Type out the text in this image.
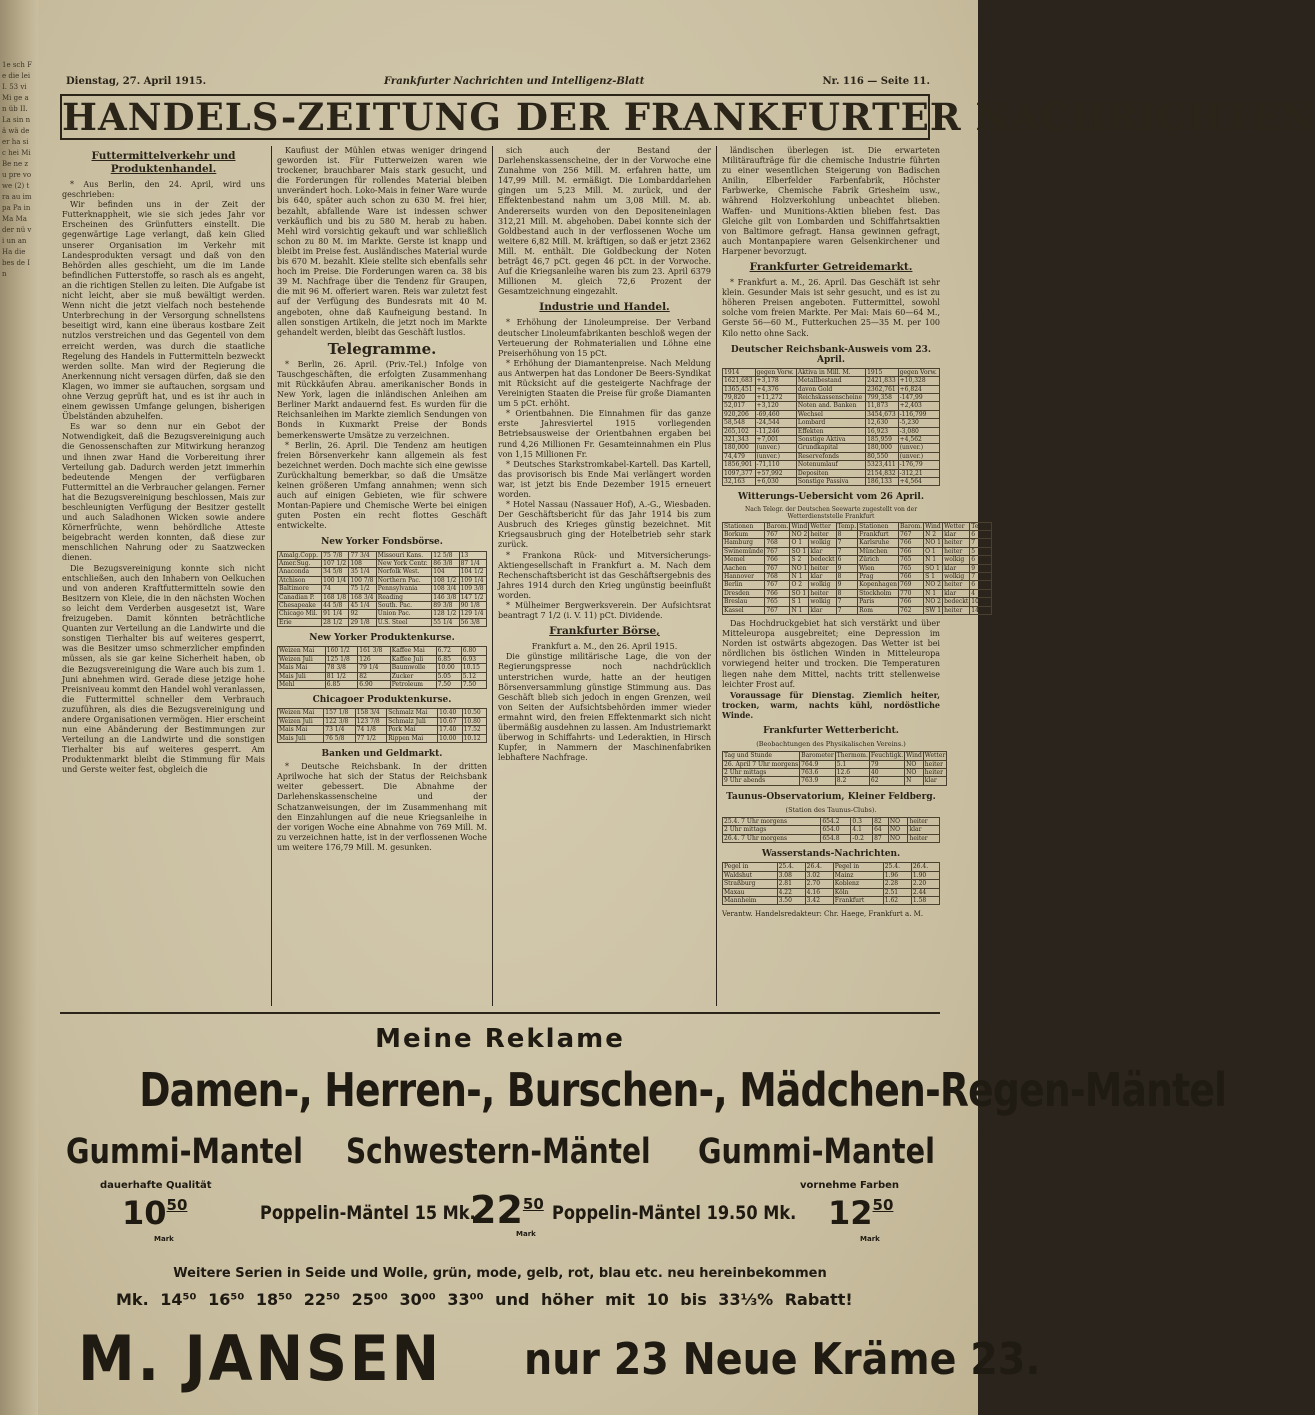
1e sch Fe die lei I. 53 vi Mi ge an üb II. La sin nä wä de er ha sic hei Mi Be ne zu pre vo we (2) tra au im pa Pa in Ma Ma der nü vi un an Ha die bes de In
Dienstag, 27. April 1915.	Frankfurter Nachrichten und Intelligenz-Blatt	Nr. 116 — Seite 11.
HANDELS-ZEITUNG DER FRANKFURTER NACHRICHTEN
Futtermittelverkehr und Produktenhandel.

* Aus Berlin, den 24. April, wird uns geschrieben:

Wir befinden uns in der Zeit der Futterknappheit, wie sie sich jedes Jahr vor Erscheinen des Grünfutters einstellt. Die gegenwärtige Lage verlangt, daß kein Glied unserer Organisation im Verkehr mit Landesprodukten versagt und daß von den Behörden alles geschieht, um die im Lande befindlichen Futterstoffe, so rasch als es angeht, an die richtigen Stellen zu leiten. Die Aufgabe ist nicht leicht, aber sie muß bewältigt werden. Wenn nicht die jetzt vielfach noch bestehende Unterbrechung in der Versorgung schnellstens beseitigt wird, kann eine überaus kostbare Zeit nutzlos verstreichen und das Gegenteil von dem erreicht werden, was durch die staatliche Regelung des Handels in Futtermitteln bezweckt werden sollte. Man wird der Regierung die Anerkennung nicht versagen dürfen, daß sie den Klagen, wo immer sie auftauchen, sorgsam und ohne Verzug geprüft hat, und es ist ihr auch in einem gewissen Umfange gelungen, bisherigen Übelständen abzuhelfen.

Es war so denn nur ein Gebot der Notwendigkeit, daß die Bezugsvereinigung auch die Genossenschaften zur Mitwirkung heranzog und ihnen zwar Hand die Vorbereitung ihrer Verteilung gab. Dadurch werden jetzt immerhin bedeutende Mengen der verfügbaren Futtermittel an die Verbraucher gelangen. Ferner hat die Bezugsvereinigung beschlossen, Mais zur beschleunigten Verfügung der Besitzer gestellt und auch Saladhonen Wicken sowie andere Körnerfrüchte, wenn behördliche Atteste beigebracht werden konnten, daß diese zur menschlichen Nahrung oder zu Saatzwecken dienen.

Die Bezugsvereinigung konnte sich nicht entschließen, auch den Inhabern von Oelkuchen und von anderen Kraftfuttermitteln sowie den Besitzern von Kleie, die in den nächsten Wochen so leicht dem Verderben ausgesetzt ist, Ware freizugeben. Damit könnten beträchtliche Quanten zur Verteilung an die Landwirte und die sonstigen Tierhalter bis auf weiteres gesperrt, was die Besitzer umso schmerzlicher empfinden müssen, als sie gar keine Sicherheit haben, ob die Bezugsvereinigung die Ware auch bis zum 1. Juni abnehmen wird. Gerade diese jetzige hohe Preisniveau kommt den Handel wohl veranlassen, die Futtermittel schneller dem Verbrauch zuzuführen, als dies die Bezugsvereinigung und andere Organisationen vermögen. Hier erscheint nun eine Abänderung der Bestimmungen zur Verteilung an die Landwirte und die sonstigen Tierhalter bis auf weiteres gesperrt. Am Produktenmarkt bleibt die Stimmung für Mais und Gerste weiter fest, obgleich die

Kaufiust der Mühlen etwas weniger dringend geworden ist. Für Futterweizen waren wie trockener, brauchbarer Mais stark gesucht, und die Forderungen für rollendes Material bleiben unverändert hoch. Loko-Mais in feiner Ware wurde bis 640, später auch schon zu 630 M. frei hier, bezahlt, abfallende Ware ist indessen schwer verkäuflich und bis zu 580 M. herab zu haben. Mehl wird vorsichtig gekauft und war schließlich schon zu 80 M. im Markte. Gerste ist knapp und bleibt im Preise fest. Ausländisches Material wurde bis 670 M. bezahlt. Kleie stellte sich ebenfalls sehr hoch im Preise. Die Forderungen waren ca. 38 bis 39 M. Nachfrage über die Tendenz für Graupen, die mit 96 M. offeriert waren. Reis war zuletzt fest auf der Verfügung des Bundesrats mit 40 M. angeboten, ohne daß Kaufneigung bestand. In allen sonstigen Artikeln, die jetzt noch im Markte gehandelt werden, bleibt das Geschäft lustlos.

Telegramme.

* Berlin, 26. April. (Priv.-Tel.) Infolge von Tauschgeschäften, die erfolgten Zusammenhang mit Rückkäufen Abrau. amerikanischer Bonds in New York, lagen die inländischen Anleihen am Berliner Markt andauernd fest. Es wurden für die Reichsanleihen im Markte ziemlich Sendungen von Bonds in Kuxmarkt Preise der Bonds bemerkenswerte Umsätze zu verzeichnen.

* Berlin, 26. April. Die Tendenz am heutigen freien Börsenverkehr kann allgemein als fest bezeichnet werden. Doch machte sich eine gewisse Zurückhaltung bemerkbar, so daß die Umsätze keinen größeren Umfang annahmen; wenn sich auch auf einigen Gebieten, wie für schwere Montan-Papiere und Chemische Werte bei einigen guten Posten ein recht flottes Geschäft entwickelte.

New Yorker Fondsbörse.
Amalg.Copp.	75 7/8	77 3/4	Missouri Kans.	12 5/8	13
Amer.Sug.	107 1/2	108	New York Centr.	86 3/8	87 1/4
Anaconda	34 5/8	35 1/4	Norfolk West.	104	104 1/2
Atchison	100 1/4	100 7/8	Northern Pac.	108 1/2	109 1/4
Baltimore	74	75 1/2	Pennsylvania	108 3/4	109 3/8
Canadian P.	168 1/8	168 3/4	Reading	146 3/8	147 1/2
Chesapeake	44 5/8	45 1/4	South. Pac.	89 3/8	90 1/8
Chicago Mil.	91 1/4	92	Union Pac.	128 1/2	129 1/4
Erie	28 1/2	29 1/8	U.S. Steel	55 1/4	56 3/8
New Yorker Produktenkurse.
Weizen Mai	160 1/2	161 3/8	Kaffee Mai	6.72	6.80
Weizen Juli	125 1/8	126	Kaffee Juli	6.85	6.93
Mais Mai	78 3/8	79 1/4	Baumwolle	10.00	10.15
Mais Juli	81 1/2	82	Zucker	5.05	5.12
Mehl	6.85	6.90	Petroleum	7.50	7.50
Chicagoer Produktenkurse.
Weizen Mai	157 1/8	158 3/4	Schmalz Mai	10.40	10.50
Weizen Juli	122 3/8	123 7/8	Schmalz Juli	10.67	10.80
Mais Mai	73 1/4	74 1/8	Pork Mai	17.40	17.52
Mais Juli	76 5/8	77 1/2	Rippen Mai	10.00	10.12
Banken und Geldmarkt.

* Deutsche Reichsbank. In der dritten Aprilwoche hat sich der Status der Reichsbank weiter gebessert. Die Abnahme der Darlehenskassenscheine und der Schatzanweisungen, der im Zusammenhang mit den Einzahlungen auf die neue Kriegsanleihe in der vorigen Woche eine Abnahme von 769 Mill. M. zu verzeichnen hatte, ist in der verflossenen Woche um weitere 176,79 Mill. M. gesunken.

sich auch der Bestand der Darlehenskassenscheine, der in der Vorwoche eine Zunahme von 256 Mill. M. erfahren hatte, um 147,99 Mill. M. ermäßigt. Die Lombarddarlehen gingen um 5,23 Mill. M. zurück, und der Effektenbestand nahm um 3,08 Mill. M. ab. Andererseits wurden von den Depositeneinlagen 312,21 Mill. M. abgehoben. Dabei konnte sich der Goldbestand auch in der verflossenen Woche um weitere 6,82 Mill. M. kräftigen, so daß er jetzt 2362 Mill. M. enthält. Die Goldbeckung der Noten beträgt 46,7 pCt. gegen 46 pCt. in der Vorwoche. Auf die Kriegsanleihe waren bis zum 23. April 6379 Millionen M. gleich 72,6 Prozent der Gesamtzeichnung eingezahlt.

Industrie und Handel.

* Erhöhung der Linoleumpreise. Der Verband deutscher Linoleumfabrikanten beschloß wegen der Verteuerung der Rohmaterialien und Löhne eine Preiserhöhung von 15 pCt.

* Erhöhung der Diamantenpreise. Nach Meldung aus Antwerpen hat das Londoner De Beers-Syndikat mit Rücksicht auf die gesteigerte Nachfrage der Vereinigten Staaten die Preise für große Diamanten um 5 pCt. erhöht.

* Orientbahnen. Die Einnahmen für das ganze erste Jahresviertel 1915 vorliegenden Betriebsausweise der Orientbahnen ergaben bei rund 4,26 Millionen Fr. Gesamteinnahmen ein Plus von 1,15 Millionen Fr.

* Deutsches Starkstromkabel-Kartell. Das Kartell, das provisorisch bis Ende Mai verlängert worden war, ist jetzt bis Ende Dezember 1915 erneuert worden.

* Hotel Nassau (Nassauer Hof), A.-G., Wiesbaden. Der Geschäftsbericht für das Jahr 1914 bis zum Ausbruch des Krieges günstig bezeichnet. Mit Kriegsausbruch ging der Hotelbetrieb sehr stark zurück.

* Frankona Rück- und Mitversicherungs-Aktiengesellschaft in Frankfurt a. M. Nach dem Rechenschaftsbericht ist das Geschäftsergebnis des Jahres 1914 durch den Krieg ungünstig beeinflußt worden.

* Mülheimer Bergwerksverein. Der Aufsichtsrat beantragt 7 1/2 (i. V. 11) pCt. Dividende.

Frankfurter Börse,

Frankfurt a. M., den 26. April 1915.

Die günstige militärische Lage, die von der Regierungspresse noch nachdrücklich unterstrichen wurde, hatte an der heutigen Börsenversammlung günstige Stimmung aus. Das Geschäft blieb sich jedoch in engen Grenzen, weil von Seiten der Aufsichtsbehörden immer wieder ermahnt wird, den freien Effektenmarkt sich nicht übermäßig ausdehnen zu lassen. Am Industriemarkt überwog in Schiffahrts- und Lederaktien, in Hirsch Kupfer, in Nammern der Maschinenfabriken lebhaftere Nachfrage.

ländischen überlegen ist. Die erwarteten Militäraufträge für die chemische Industrie führten zu einer wesentlichen Steigerung von Badischen Anilin, Elberfelder Farbenfabrik, Höchster Farbwerke, Chemische Fabrik Griesheim usw., während Holzverkohlung unbeachtet blieben. Waffen- und Munitions-Aktien blieben fest. Das Gleiche gilt von Lombarden und Schiffahrtsaktien von Baltimore gefragt. Hansa gewinnen gefragt, auch Montanpapiere waren Gelsenkirchener und Harpener bevorzugt.

Frankfurter Getreidemarkt.

* Frankfurt a. M., 26. April. Das Geschäft ist sehr klein. Gesunder Mais ist sehr gesucht, und es ist zu höheren Preisen angeboten. Futtermittel, sowohl solche vom freien Markte. Per Mai: Mais 60—64 M., Gerste 56—60 M., Futterkuchen 25—35 M. per 100 Kilo netto ohne Sack.

Deutscher Reichsbank-Ausweis vom 23. April.
1914	gegen Vorw.	Aktiva in Mill. M.	1915	gegen Vorw.
1621,683	+3,178	Metallbestand	2421,833	+10,328
1365,451	+4,376	davon Gold	2362,761	+6,824
79,820	+11,272	Reichskassenscheine	799,358	-147,99
52,017	+3,120	Noten and. Banken	11,873	+2,403
920,206	-69,460	Wechsel	3454,673	-116,799
58,548	-24,544	Lombard	12,630	-5,230
265,102	-11,246	Effekten	16,923	-3,080
321,343	+7,001	Sonstige Aktiva	185,959	+4,562
180,000	(unver.)	Grundkapital	180,000	(unver.)
74,479	(unver.)	Reservefonds	80,550	(unver.)
1856,901	-71,110	Notenumlauf	5323,411	-176,79
1097,377	+57,992	Depositen	2154,832	-312,21
32,163	+6,030	Sonstige Passiva	186,133	+4,564
Witterungs-Uebersicht vom 26 April.

Nach Telegr. der Deutschen Seewarte zugestellt von der Wetterdienststelle Frankfurt

Stationen	Barom.	Wind	Wetter	Temp.	Stationen	Barom.	Wind	Wetter	Temp.
Borkum	767	NO 2	heiter	8	Frankfurt	767	N 2	klar	6
Hamburg	768	O 1	wolkig	7	Karlsruhe	766	NO 1	heiter	7
Swinemünde	767	SO 1	klar	7	München	766	O 1	heiter	5
Memel	766	S 2	bedeckt	6	Zürich	765	N 1	wolkig	6
Aachen	767	NO 1	heiter	9	Wien	765	SO 1	klar	9
Hannover	768	N 1	klar	8	Prag	766	S 1	wolkig	7
Berlin	767	O 2	wolkig	9	Kopenhagen	769	NO 2	heiter	6
Dresden	766	SO 1	heiter	8	Stockholm	770	N 1	klar	4
Breslau	765	S 1	wolkig	7	Paris	766	NO 2	bedeckt	10
Kassel	767	N 1	klar	7	Rom	762	SW 1	heiter	14

Das Hochdruckgebiet hat sich verstärkt und über Mitteleuropa ausgebreitet; eine Depression im Norden ist ostwärts abgezogen. Das Wetter ist bei nördlichen bis östlichen Winden in Mitteleuropa vorwiegend heiter und trocken. Die Temperaturen liegen nahe dem Mittel, nachts tritt stellenweise leichter Frost auf.

Voraussage für Dienstag. Ziemlich heiter, trocken, warm, nachts kühl, nordöstliche Winde.

Frankfurter Wetterbericht.

(Beobachtungen des Physikalischen Vereins.)

Tag und Stunde	Barometer	Thermom.	Feuchtigk.	Wind	Wetter
26. April 7 Uhr morgens	764.9	5.1	79	NO	heiter
2 Uhr mittags	763.6	12.6	40	NO	heiter
9 Uhr abends	763.9	8.2	62	N	klar
Taunus-Observatorium, Kleiner Feldberg.

(Station des Taunus-Clubs).

25.4. 7 Uhr morgens	654.2	0.3	82	NO	heiter
2 Uhr mittags	654.0	4.1	64	NO	klar
26.4. 7 Uhr morgens	654.8	-0.2	87	NO	heiter
Wasserstands-Nachrichten.
Pegel in	25.4.	26.4.	Pegel in	25.4.	26.4.
Waldshut	3.08	3.02	Mainz	1.96	1.90
Straßburg	2.81	2.70	Koblenz	2.28	2.20
Maxau	4.22	4.16	Köln	2.51	2.44
Mannheim	3.50	3.42	Frankfurt	1.62	1.58

Verantw. Handelsredakteur: Chr. Haege, Frankfurt a. M.

Meine Reklame
Damen-, Herren-, Burschen-, Mädchen-Regen-Mäntel
Gummi-Mantel Schwestern-Mäntel Gummi-Mantel
dauerhafte Qualität	vornehme Farben
$10^{50}$
Mark
Poppelin-Mäntel 15 Mk.
$22^{50}$
Mark
Poppelin-Mäntel 19.50 Mk. $12^{50}$
Mark
Weitere Serien in Seide und Wolle, grün, mode, gelb, rot, blau etc. neu hereinbekommen
Mk. 14⁵⁰ 16⁵⁰ 18⁵⁰ 22⁵⁰ 25⁰⁰ 30⁰⁰ 33⁰⁰ und höher mit 10 bis 33⅓% Rabatt!
M. JANSEN nur 23 Neue Kräme 23.
